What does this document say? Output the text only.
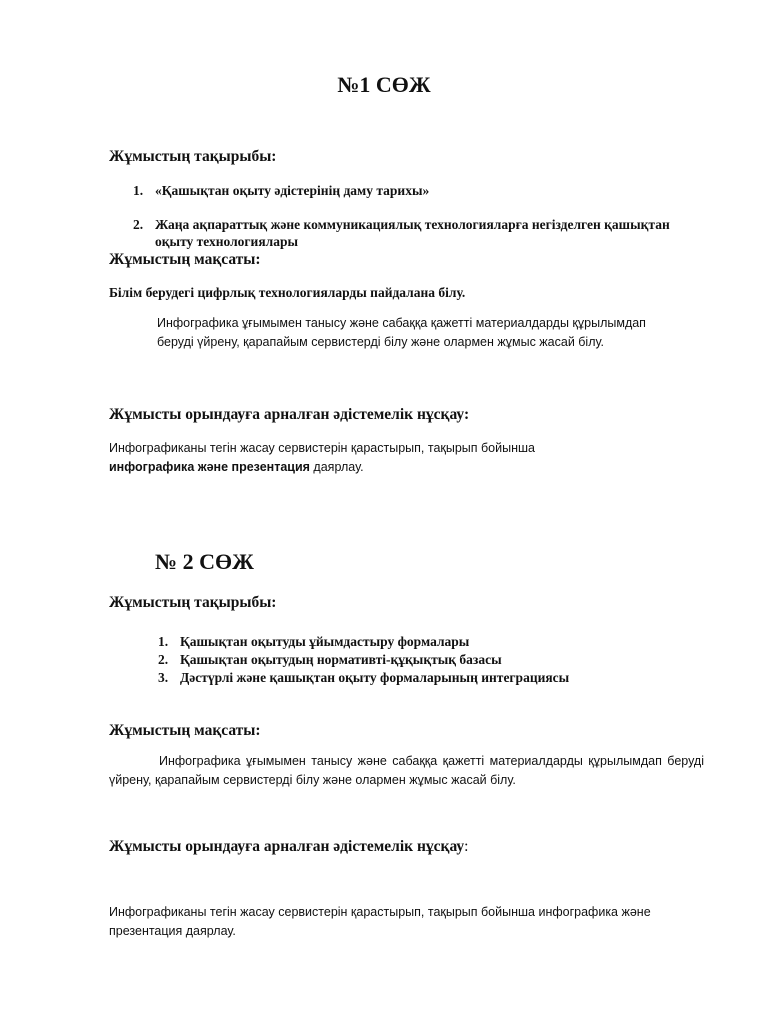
№1 СӨЖ
Жұмыстың тақырыбы:
1. «Қашықтан оқыту әдістерінің даму тарихы»
2. Жаңа ақпараттық және коммуникациялық технологияларға негізделген қашықтан оқыту технологиялары
Жұмыстың мақсаты:
Білім берудегі цифрлық технологияларды пайдалана білу.
Инфографика ұғымымен танысу және сабаққа қажетті материалдарды құрылымдап беруді үйрену, қарапайым сервистерді білу және олармен жұмыс жасай білу.
Жұмысты орындауға арналған әдістемелік нұсқау:
Инфографиканы тегін жасау сервистерін қарастырып, тақырып бойынша
инфографика және презентация даярлау.
№ 2 СӨЖ
Жұмыстың тақырыбы:
1. Қашықтан оқытуды ұйымдастыру формалары
2. Қашықтан оқытудың нормативті-құқықтық базасы
3. Дәстүрлі және қашықтан оқыту формаларының интеграциясы
Жұмыстың мақсаты:
Инфографика ұғымымен танысу және сабаққа қажетті материалдарды құрылымдап беруді үйрену, қарапайым сервистерді білу және олармен жұмыс жасай білу.
Жұмысты орындауға арналған әдістемелік нұсқау:
Инфографиканы тегін жасау сервистерін қарастырып, тақырып бойынша инфографика және презентация даярлау.
